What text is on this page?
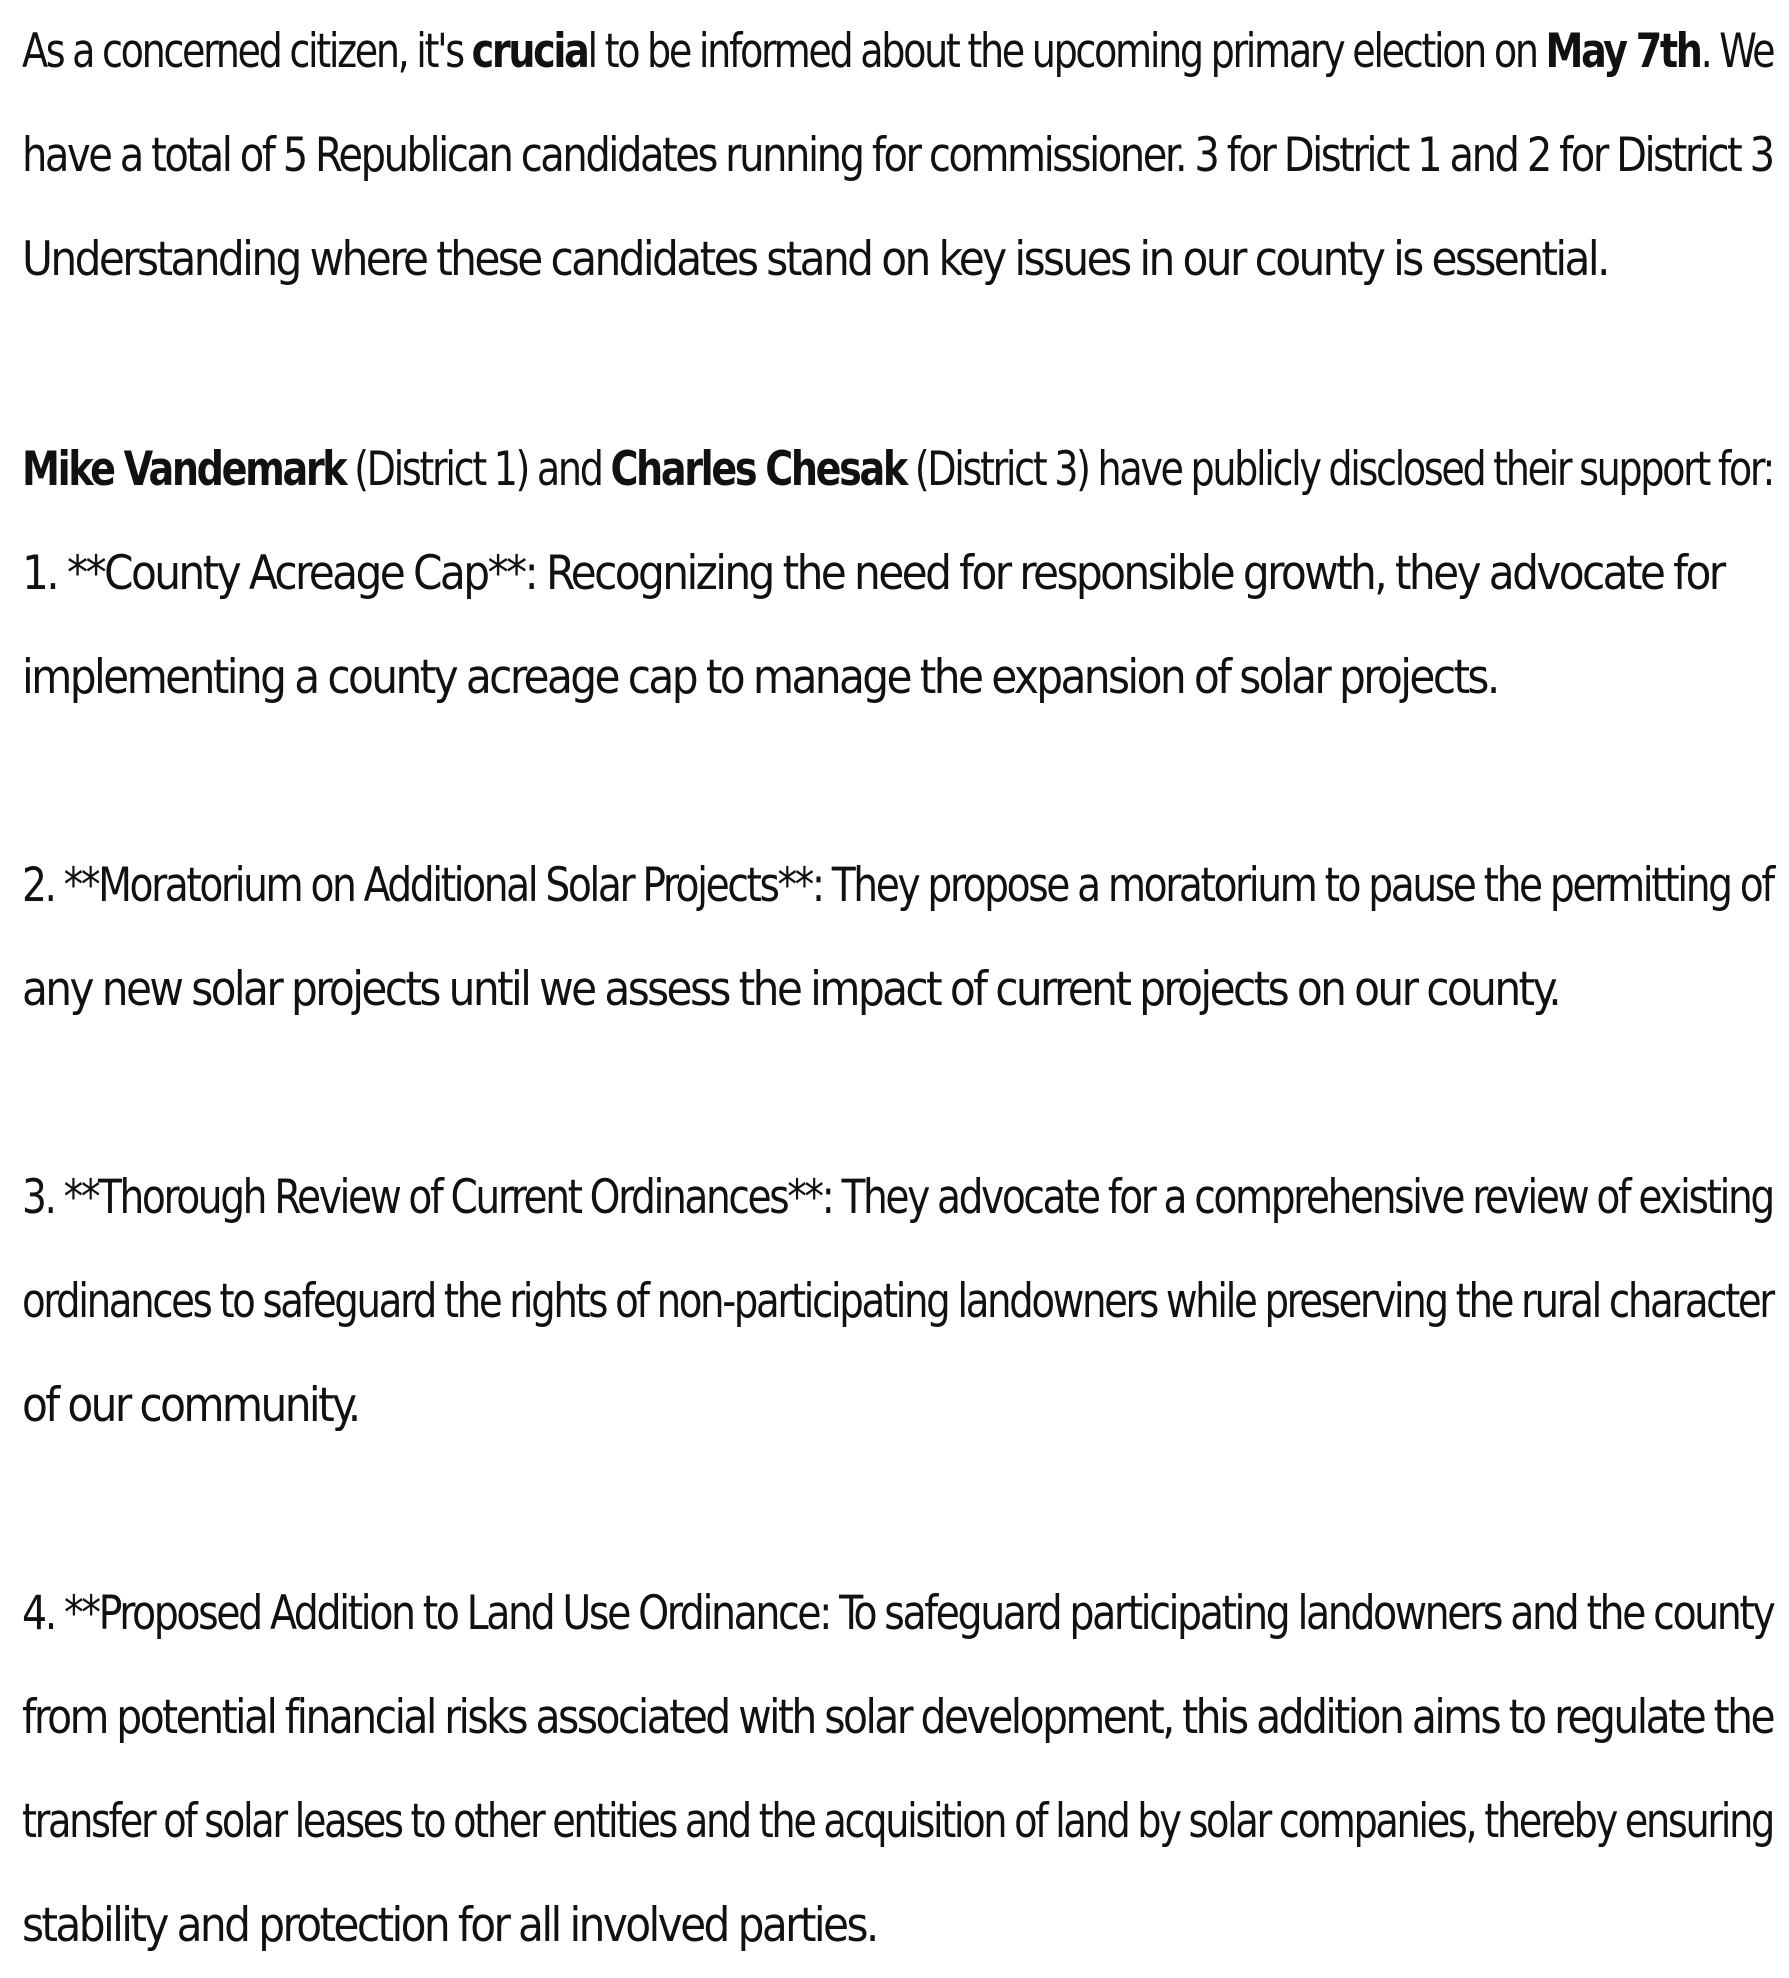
As a concerned citizen, it's crucial to be informed about the upcoming primary election on May 7th. We
have a total of 5 Republican candidates running for commissioner. 3 for District 1 and 2 for District 3
Understanding where these candidates stand on key issues in our county is essential.

Mike Vandemark (District 1) and Charles Chesak (District 3) have publicly disclosed their support for:
1. **County Acreage Cap**: Recognizing the need for responsible growth, they advocate for
implementing a county acreage cap to manage the expansion of solar projects.

2. **Moratorium on Additional Solar Projects**: They propose a moratorium to pause the permitting of
any new solar projects until we assess the impact of current projects on our county.

3. **Thorough Review of Current Ordinances**: They advocate for a comprehensive review of existing
ordinances to safeguard the rights of non-participating landowners while preserving the rural character
of our community.

4. **Proposed Addition to Land Use Ordinance: To safeguard participating landowners and the county
from potential financial risks associated with solar development, this addition aims to regulate the
transfer of solar leases to other entities and the acquisition of land by solar companies, thereby ensuring
stability and protection for all involved parties.
